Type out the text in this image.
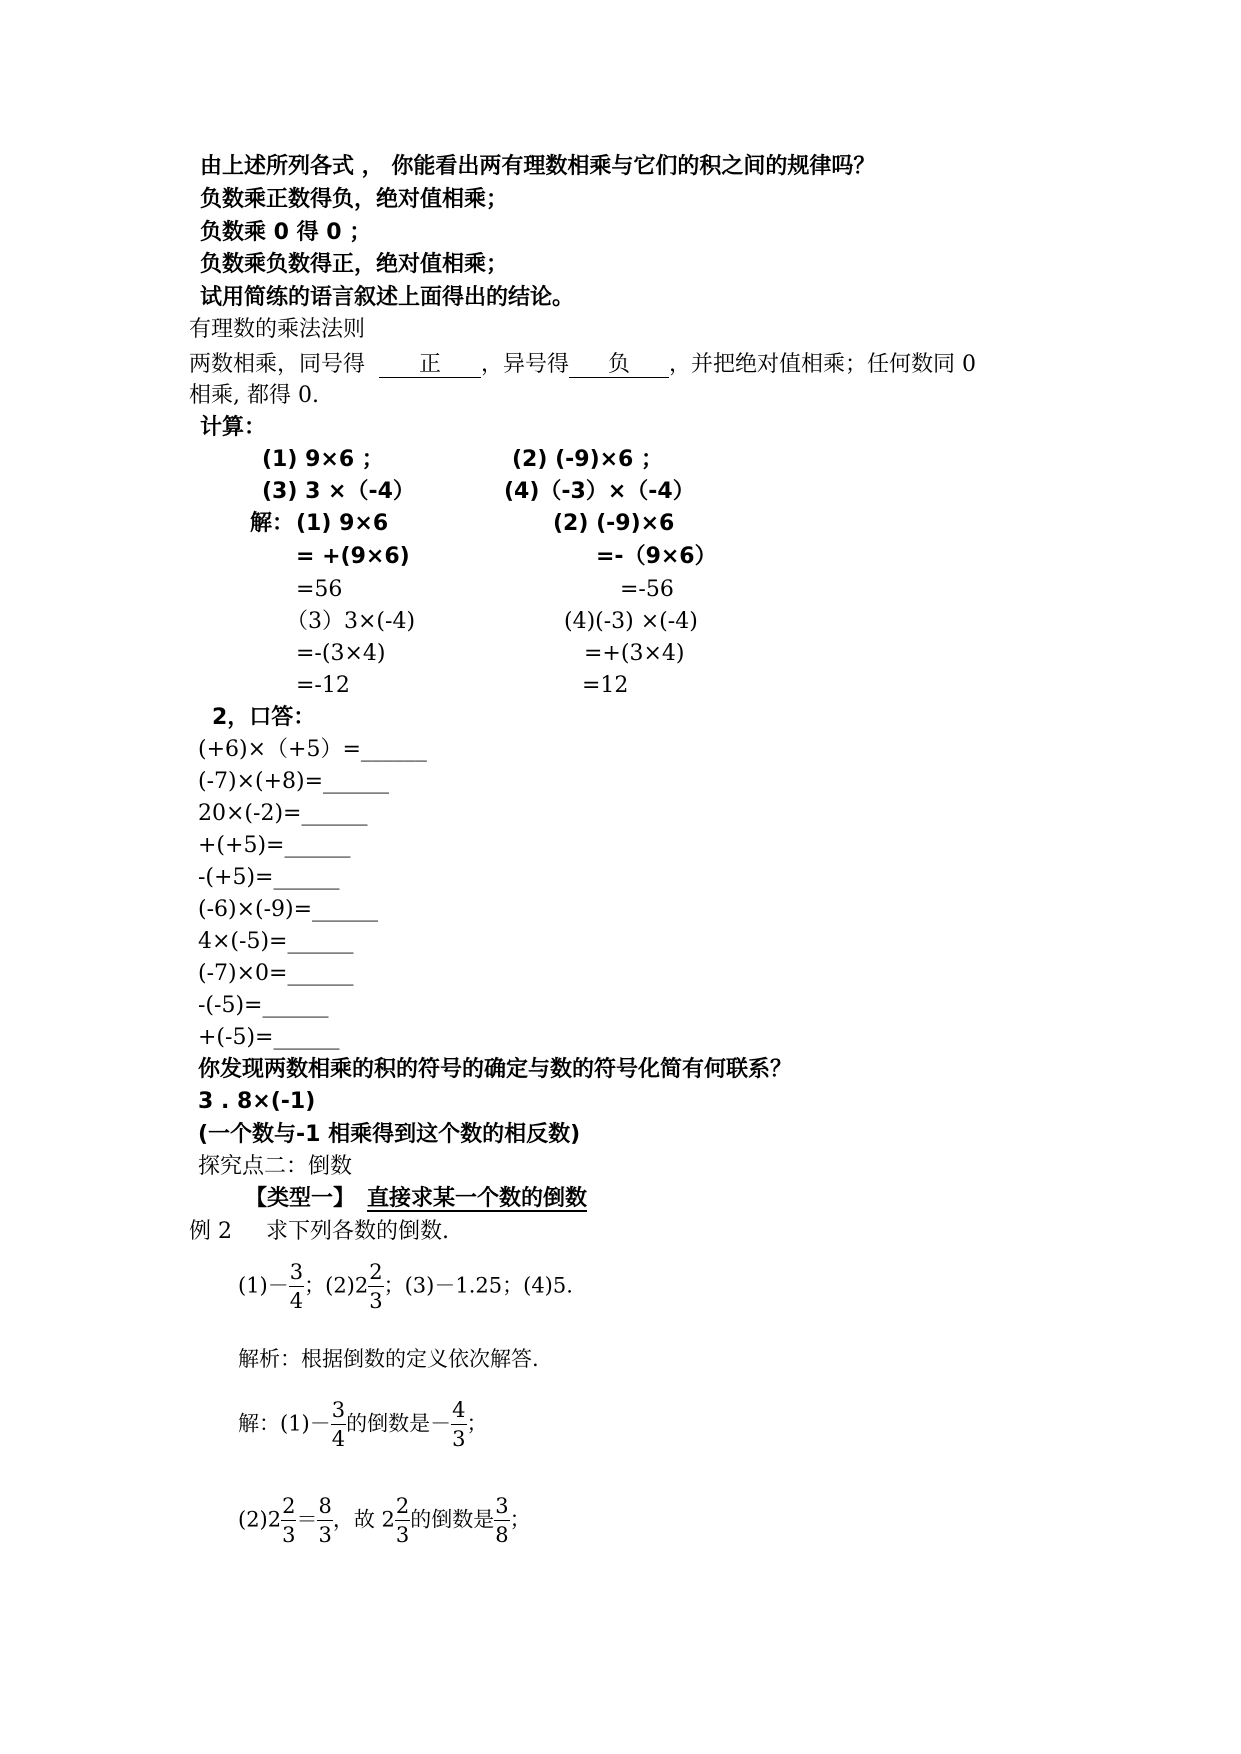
由上述所列各式 ， 你能看出两有理数相乘与它们的积之间的规律吗？
负数乘正数得负，绝对值相乘；
负数乘 0 得 0 ；
负数乘负数得正，绝对值相乘；
试用简练的语言叙述上面得出的结论。
有理数的乘法法则
两数相乘，同号得 正 ，异号得 负 ，并把绝对值相乘；任何数同 0
相乘, 都得 0.
计算：
(1) 9×6 ；	(2) (-9)×6 ；
(3) 3 ×（-4）	(4)（-3）×（-4）
解： (1) 9×6
= +(9×6)
=56
(2) (-9)×6
=-（9×6）
=-56
（3）3×(-4)
=-(3×4)
=-12
(4)(-3) ×(-4)
=+(3×4)
=12
2，口答：
(+6)×（+5）=______
(-7)×(+8)=______
20×(-2)=______
+(+5)=______
-(+5)=______
(-6)×(-9)=______
4×(-5)=______
(-7)×0=______
-(-5)=______
+(-5)=______
你发现两数相乘的积的符号的确定与数的符号化简有何联系？
3 . 8×(-1)
(一个数与-1 相乘得到这个数的相反数)
探究点二：倒数
【类型一】 直接求某一个数的倒数
例 2 求下列各数的倒数.
$(1)- \frac{3}{4}$ ；$(2)2 \frac{2}{3}$ ；(3)－1.25；(4)5.
解析：根据倒数的定义依次解答.
解：$(1)- \frac{3}{4}$ 的倒数是－ $\frac{4}{3}$ ；
$(2)2 \frac{2}{3} = \frac{8}{3}$ ，故 $2 \frac{2}{3}$ 的倒数是 $\frac{3}{8}$ ；
